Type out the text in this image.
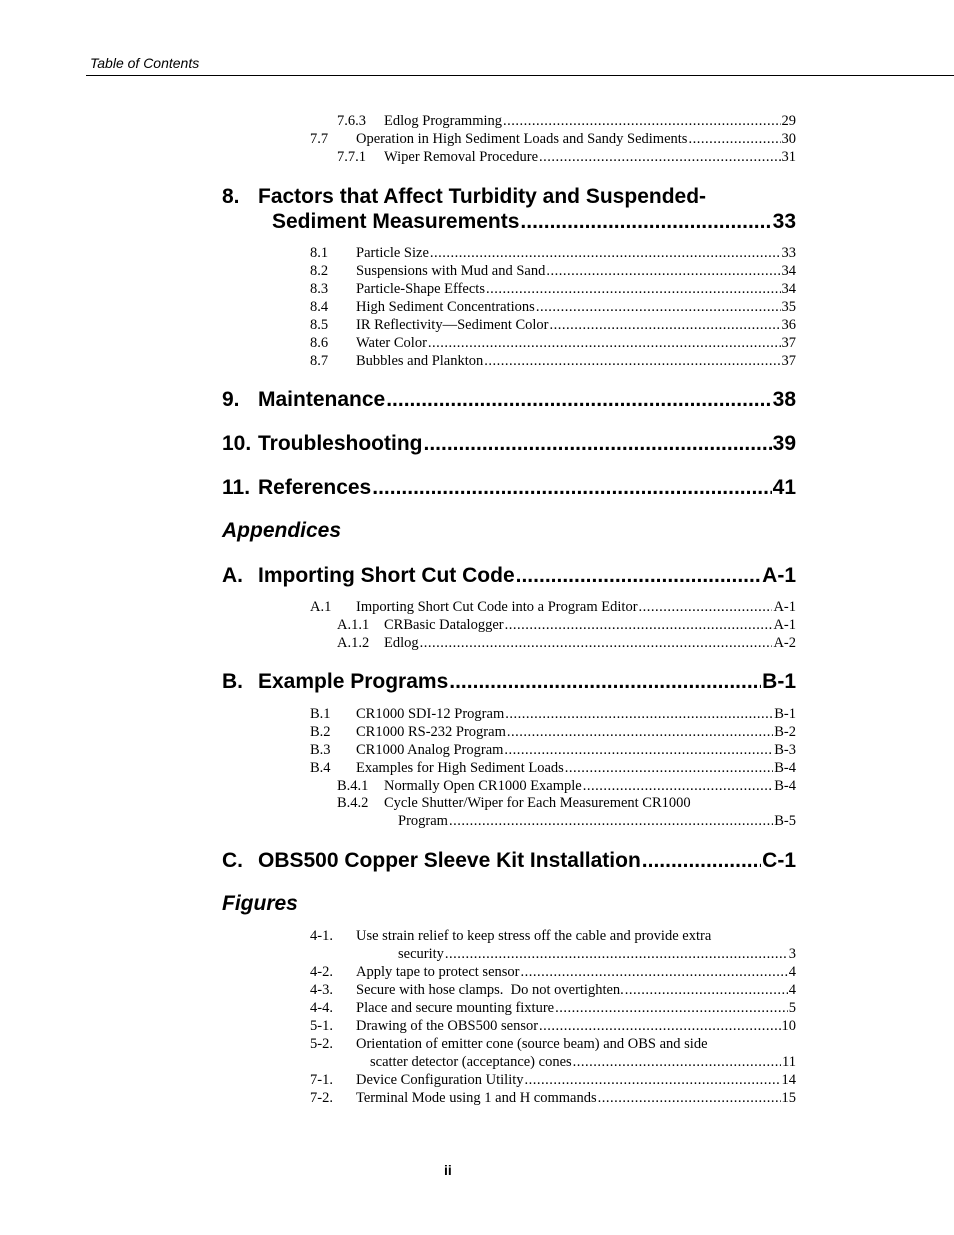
Table of Contents
7.6.3	Edlog Programming .....	29
7.7	Operation in High Sediment Loads and Sandy Sediments .....	30
7.7.1	Wiper Removal Procedure .....	31
8. Factors that Affect Turbidity and Suspended-
Sediment Measurements .....	33
8.1	Particle Size .....	33
8.2	Suspensions with Mud and Sand .....	34
8.3	Particle-Shape Effects .....	34
8.4	High Sediment Concentrations .....	35
8.5	IR Reflectivity—Sediment Color .....	36
8.6	Water Color .....	37
8.7	Bubbles and Plankton .....	37
9. Maintenance .....	38
10. Troubleshooting .....	39
11. References .....	41
Appendices
A. Importing Short Cut Code .....	A-1
A.1	Importing Short Cut Code into a Program Editor .....	A-1
A.1.1	CRBasic Datalogger .....	A-1
A.1.2	Edlog .....	A-2
B. Example Programs .....	B-1
B.1	CR1000 SDI-12 Program .....	B-1
B.2	CR1000 RS-232 Program .....	B-2
B.3	CR1000 Analog Program .....	B-3
B.4	Examples for High Sediment Loads .....	B-4
B.4.1	Normally Open CR1000 Example .....	B-4
B.4.2 Cycle Shutter/Wiper for Each Measurement CR1000
Program .....	B-5
C. OBS500 Copper Sleeve Kit Installation .....	C-1
Figures
4-1. Use strain relief to keep stress off the cable and provide extra
security .....	3
4-2.	Apply tape to protect sensor .....	4
4-3.	Secure with hose clamps.  Do not overtighten. .....	4
4-4.	Place and secure mounting fixture .....	5
5-1.	Drawing of the OBS500 sensor .....	10
5-2. Orientation of emitter cone (source beam) and OBS and side
scatter detector (acceptance) cones .....	11
7-1.	Device Configuration Utility .....	14
7-2.	Terminal Mode using 1 and H commands .....	15
ii
